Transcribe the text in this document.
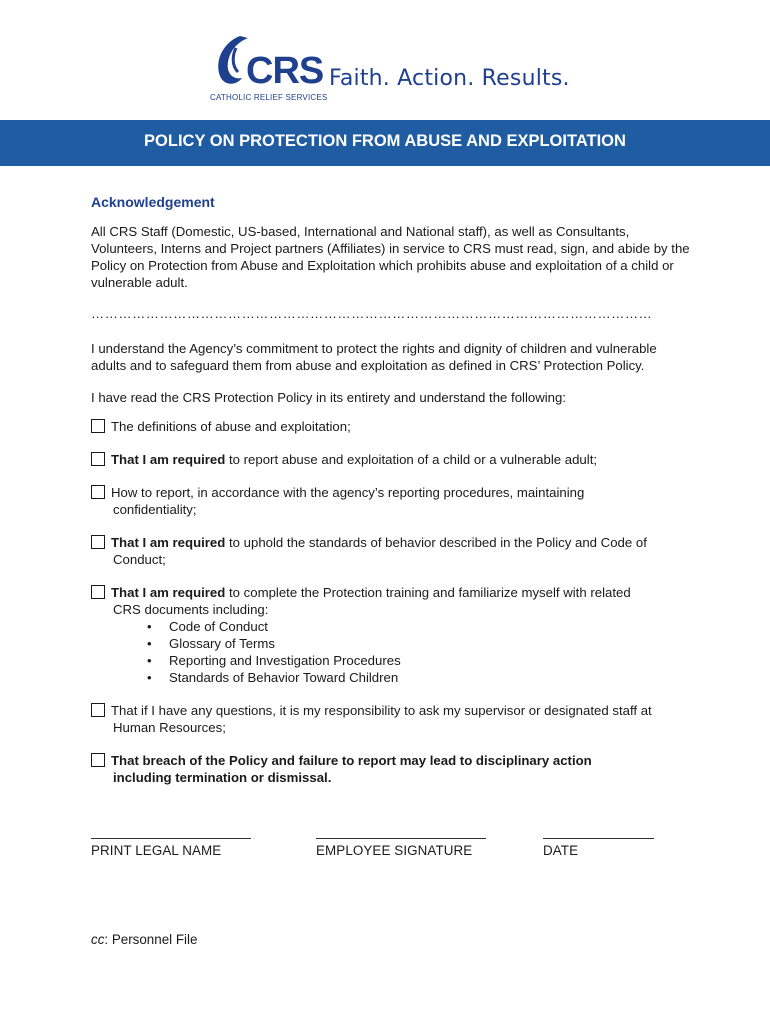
CRS Faith. Action. Results.
CATHOLIC RELIEF SERVICES
POLICY ON PROTECTION FROM ABUSE AND EXPLOITATION
Acknowledgement

All CRS Staff (Domestic, US-based, International and National staff), as well as Consultants, Volunteers, Interns and Project partners (Affiliates) in service to CRS must read, sign, and abide by the Policy on Protection from Abuse and Exploitation which prohibits abuse and exploitation of a child or vulnerable adult.

……………………………………………………………………………………………………………

I understand the Agency’s commitment to protect the rights and dignity of children and vulnerable adults and to safeguard them from abuse and exploitation as defined in CRS’ Protection Policy.

I have read the CRS Protection Policy in its entirety and understand the following:

The definitions of abuse and exploitation;
That I am required to report abuse and exploitation of a child or a vulnerable adult;
How to report, in accordance with the agency’s reporting procedures, maintaining
confidentiality;
That I am required to uphold the standards of behavior described in the Policy and Code of
Conduct;
That I am required to complete the Protection training and familiarize myself with related
CRS documents including:
• Code of Conduct
• Glossary of Terms
• Reporting and Investigation Procedures
• Standards of Behavior Toward Children
That if I have any questions, it is my responsibility to ask my supervisor or designated staff at
Human Resources;
That breach of the Policy and failure to report may lead to disciplinary action
including termination or dismissal.
PRINT LEGAL NAME	EMPLOYEE SIGNATURE	DATE
cc: Personnel File
